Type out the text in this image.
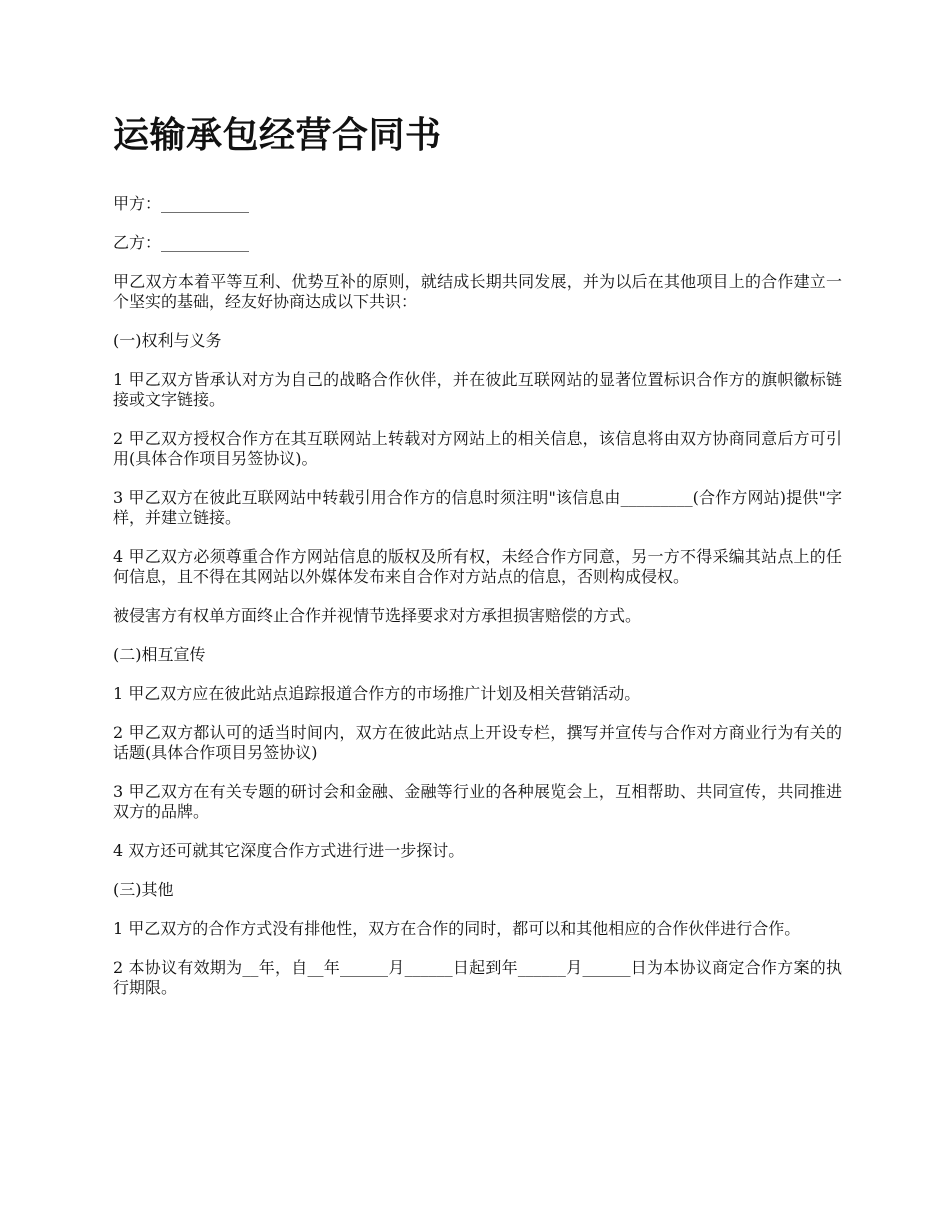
运输承包经营合同书

甲方：___________

乙方：___________

甲乙双方本着平等互利、优势互补的原则，就结成长期共同发展，并为以后在其他项目上的合作建立一个坚实的基础，经友好协商达成以下共识：

(一)权利与义务

1 甲乙双方皆承认对方为自己的战略合作伙伴，并在彼此互联网站的显著位置标识合作方的旗帜徽标链接或文字链接。

2 甲乙双方授权合作方在其互联网站上转载对方网站上的相关信息，该信息将由双方协商同意后方可引用(具体合作项目另签协议)。

3 甲乙双方在彼此互联网站中转载引用合作方的信息时须注明"该信息由_________(合作方网站)提供"字样，并建立链接。

4 甲乙双方必须尊重合作方网站信息的版权及所有权，未经合作方同意，另一方不得采编其站点上的任何信息，且不得在其网站以外媒体发布来自合作对方站点的信息，否则构成侵权。

被侵害方有权单方面终止合作并视情节选择要求对方承担损害赔偿的方式。

(二)相互宣传

1 甲乙双方应在彼此站点追踪报道合作方的市场推广计划及相关营销活动。

2 甲乙双方都认可的适当时间内，双方在彼此站点上开设专栏，撰写并宣传与合作对方商业行为有关的话题(具体合作项目另签协议)

3 甲乙双方在有关专题的研讨会和金融、金融等行业的各种展览会上，互相帮助、共同宣传，共同推进双方的品牌。

4 双方还可就其它深度合作方式进行进一步探讨。

(三)其他

1 甲乙双方的合作方式没有排他性，双方在合作的同时，都可以和其他相应的合作伙伴进行合作。

2 本协议有效期为__年，自__年______月______日起到年______月______日为本协议商定合作方案的执行期限。
